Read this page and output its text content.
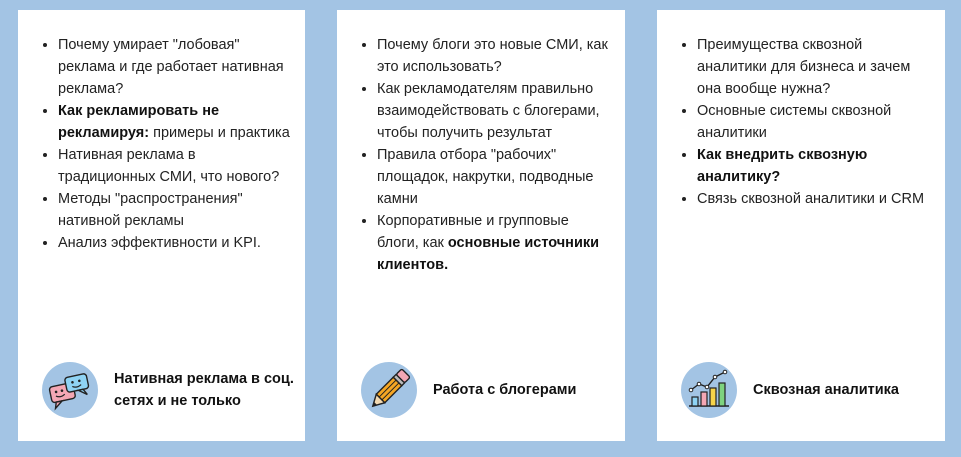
• Почему умирает "лобовая" реклама и где работает нативная реклама?
• Как рекламировать не рекламируя: примеры и практика
• Нативная реклама в традиционных СМИ, что нового?
• Методы "распространения" нативной рекламы
• Анализ эффективности и KPI.
Нативная реклама в соц. сетях и не только
• Почему блоги это новые СМИ, как это использовать?
• Как рекламодателям правильно взаимодействовать с блогерами, чтобы получить результат
• Правила отбора "рабочих" площадок, накрутки, подводные камни
• Корпоративные и групповые блоги, как основные источники клиентов.
Работа с блогерами
• Преимущества сквозной аналитики для бизнеса и зачем она вообще нужна?
• Основные системы сквозной аналитики
• Как внедрить сквозную аналитику?
• Связь сквозной аналитики и CRM
Сквозная аналитика
